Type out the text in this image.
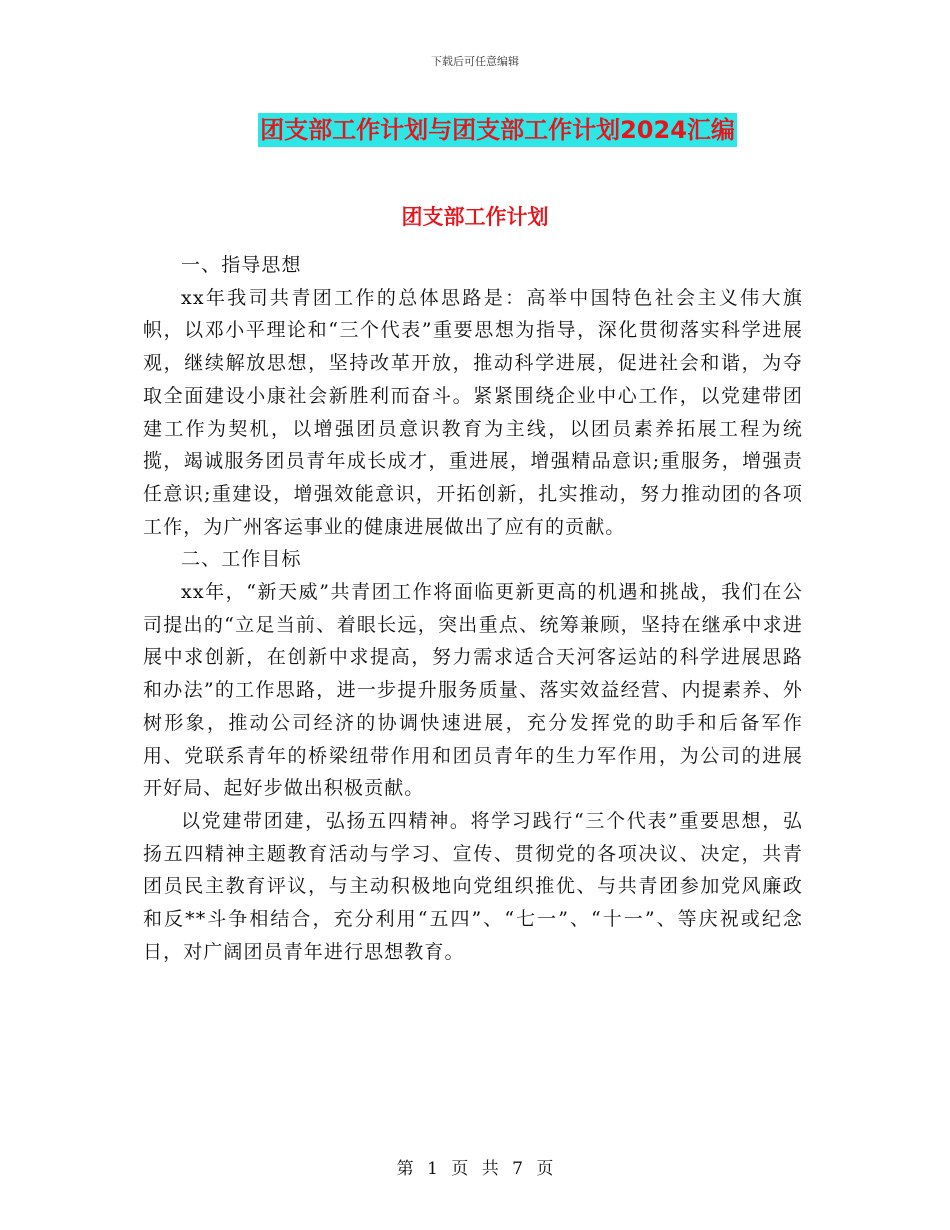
下载后可任意编辑
团支部工作计划与团支部工作计划2024汇编
团支部工作计划

一、指导思想

xx年我司共青团工作的总体思路是：高举中国特色社会主义伟大旗帜，以邓小平理论和“三个代表”重要思想为指导，深化贯彻落实科学进展观，继续解放思想，坚持改革开放，推动科学进展，促进社会和谐，为夺取全面建设小康社会新胜利而奋斗。紧紧围绕企业中心工作，以党建带团建工作为契机，以增强团员意识教育为主线，以团员素养拓展工程为统揽，竭诚服务团员青年成长成才，重进展，增强精品意识;重服务，增强责任意识;重建设，增强效能意识，开拓创新，扎实推动，努力推动团的各项工作，为广州客运事业的健康进展做出了应有的贡献。

二、工作目标

xx年，“新天威”共青团工作将面临更新更高的机遇和挑战，我们在公司提出的“立足当前、着眼长远，突出重点、统筹兼顾，坚持在继承中求进展中求创新，在创新中求提高，努力需求适合天河客运站的科学进展思路和办法”的工作思路，进一步提升服务质量、落实效益经营、内提素养、外树形象，推动公司经济的协调快速进展，充分发挥党的助手和后备军作用、党联系青年的桥梁纽带作用和团员青年的生力军作用，为公司的进展开好局、起好步做出积极贡献。

以党建带团建，弘扬五四精神。将学习践行“三个代表”重要思想，弘扬五四精神主题教育活动与学习、宣传、贯彻党的各项决议、决定，共青团员民主教育评议，与主动积极地向党组织推优、与共青团参加党风廉政和反**斗争相结合，充分利用“五四”、“七一”、“十一”、等庆祝或纪念日，对广阔团员青年进行思想教育。

第 1 页 共 7 页
